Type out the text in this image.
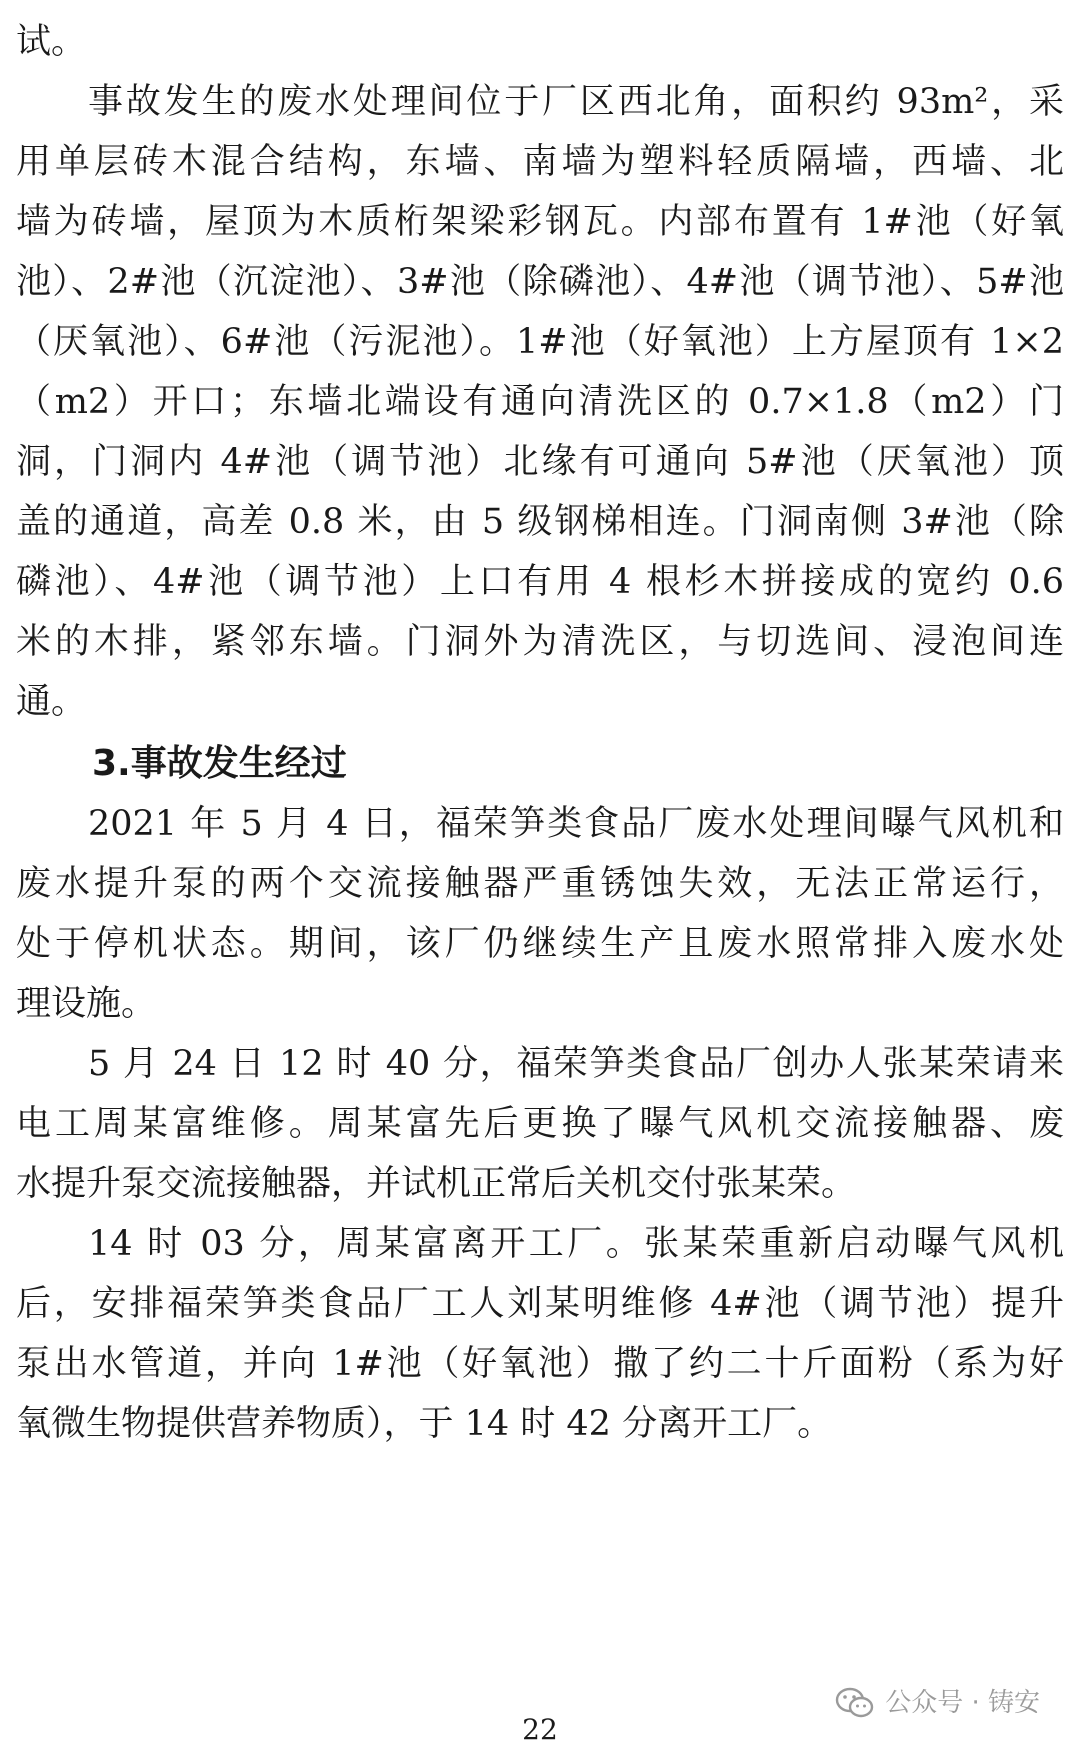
试。
事故发生的废水处理间位于厂区西北角，面积约 93m²，采
用单层砖木混合结构，东墙、南墙为塑料轻质隔墙，西墙、北
墙为砖墙，屋顶为木质桁架梁彩钢瓦。内部布置有 1#池（好氧
池）、2#池（沉淀池）、3#池（除磷池）、4#池（调节池）、5#池
（厌氧池）、6#池（污泥池）。1#池（好氧池）上方屋顶有 1×2
（m2）开口；东墙北端设有通向清洗区的 0.7×1.8（m2）门
洞，门洞内 4#池（调节池）北缘有可通向 5#池（厌氧池）顶
盖的通道，高差 0.8 米，由 5 级钢梯相连。门洞南侧 3#池（除
磷池）、4#池（调节池）上口有用 4 根杉木拼接成的宽约 0.6
米的木排，紧邻东墙。门洞外为清洗区，与切选间、浸泡间连
通。
3.事故发生经过
2021 年 5 月 4 日，福荣笋类食品厂废水处理间曝气风机和
废水提升泵的两个交流接触器严重锈蚀失效，无法正常运行，
处于停机状态。期间，该厂仍继续生产且废水照常排入废水处
理设施。
5 月 24 日 12 时 40 分，福荣笋类食品厂创办人张某荣请来
电工周某富维修。周某富先后更换了曝气风机交流接触器、废
水提升泵交流接触器，并试机正常后关机交付张某荣。
14 时 03 分，周某富离开工厂。张某荣重新启动曝气风机
后，安排福荣笋类食品厂工人刘某明维修 4#池（调节池）提升
泵出水管道，并向 1#池（好氧池）撒了约二十斤面粉（系为好
氧微生物提供营养物质），于 14 时 42 分离开工厂。
公众号 · 铸安
22
